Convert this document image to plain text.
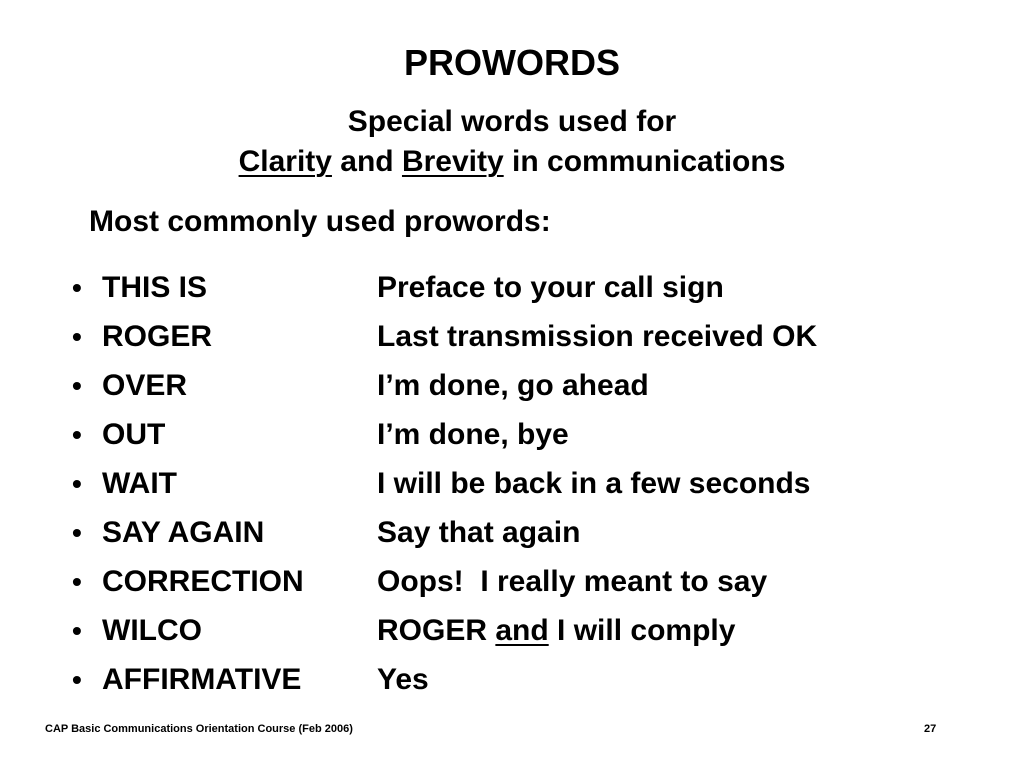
PROWORDS
Special words used for
Clarity and Brevity in communications

Most commonly used prowords:

• THIS IS	Preface to your call sign
• ROGER	Last transmission received OK
• OVER	I’m done, go ahead
• OUT	I’m done, bye
• WAIT	I will be back in a few seconds
• SAY AGAIN	Say that again
• CORRECTION	Oops!  I really meant to say
• WILCO	ROGER and I will comply
• AFFIRMATIVE	Yes
CAP Basic Communications Orientation Course (Feb 2006)	27
